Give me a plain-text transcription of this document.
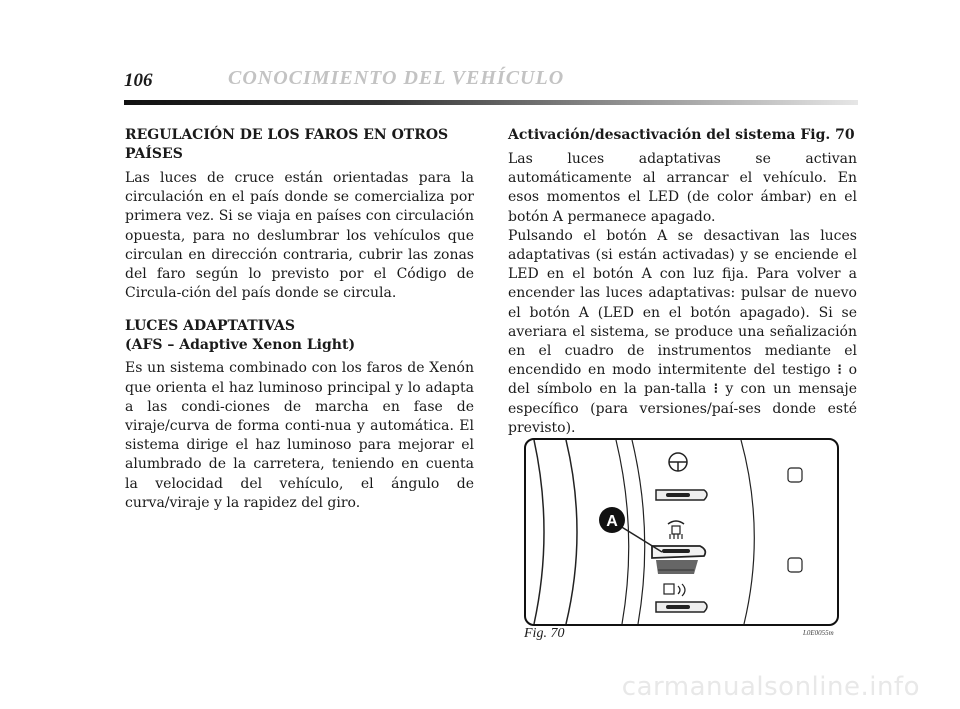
106	CONOCIMIENTO DEL VEHÍCULO
REGULACIÓN DE LOS FAROS EN OTROS PAÍSES

Las luces de cruce están orientadas para la circulación en el país donde se comercializa por primera vez. Si se viaja en países con circulación opuesta, para no deslumbrar los vehículos que circulan en dirección contraria, cubrir las zonas del faro según lo previsto por el Código de Circula-ción del país donde se circula.

LUCES ADAPTATIVAS
(AFS – Adaptive Xenon Light)

Es un sistema combinado con los faros de Xenón que orienta el haz luminoso principal y lo adapta a las condi-ciones de marcha en fase de viraje/curva de forma conti-nua y automática. El sistema dirige el haz luminoso para mejorar el alumbrado de la carretera, teniendo en cuenta la velocidad del vehículo, el ángulo de curva/viraje y la rapidez del giro.

Activación/desactivación del sistema Fig. 70

Las luces adaptativas se activan automáticamente al arrancar el vehículo. En esos momentos el LED (de color ámbar) en el botón A permanece apagado.

Pulsando el botón A se desactivan las luces adaptativas (si están activadas) y se enciende el LED en el botón A con luz fija. Para volver a encender las luces adaptativas: pulsar de nuevo el botón A (LED en el botón apagado). Si se averiara el sistema, se produce una señalización en el cuadro de instrumentos mediante el encendido en modo intermitente del testigo ⁝ o del símbolo en la pan-talla ⁝ y con un mensaje específico (para versiones/paí-ses donde esté previsto).

A
Fig. 70	L0E0055m
carmanualsonline.info
